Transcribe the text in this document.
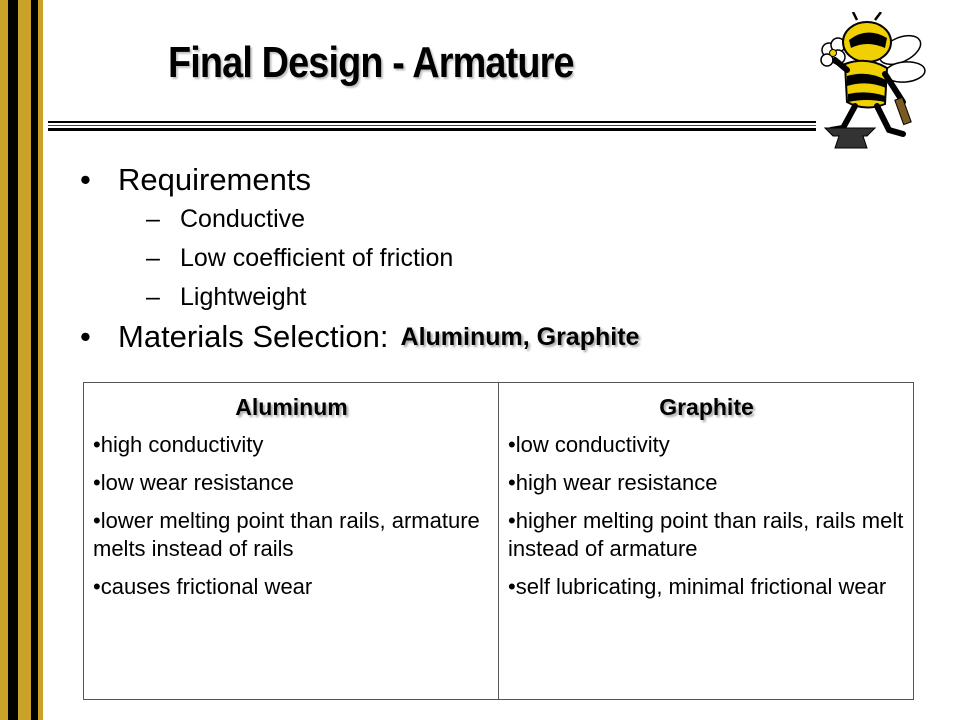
Final Design - Armature
• Requirements
– Conductive
– Low coefficient of friction
– Lightweight
• Materials Selection: Aluminum, Graphite
Aluminum
•high conductivity
•low wear resistance
•lower melting point than rails, armature melts instead of rails
•causes frictional wear

Graphite
•low conductivity
•high wear resistance
•higher melting point than rails, rails melt instead of armature
•self lubricating, minimal frictional wear
